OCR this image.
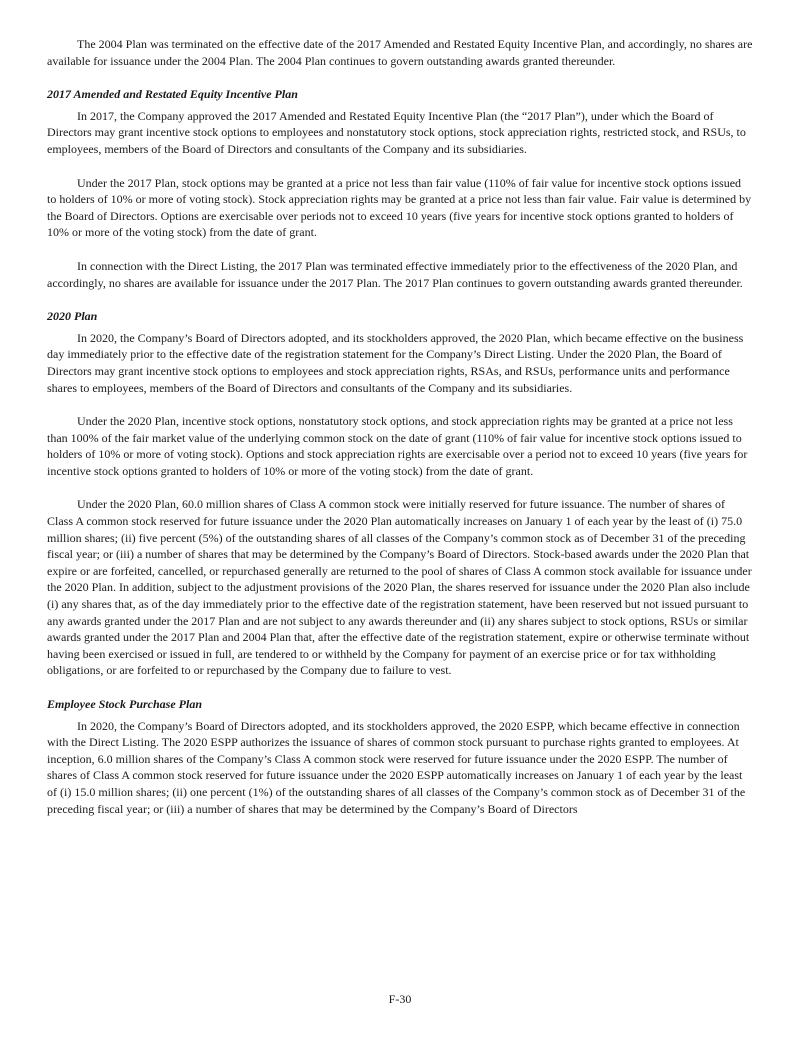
The 2004 Plan was terminated on the effective date of the 2017 Amended and Restated Equity Incentive Plan, and accordingly, no shares are available for issuance under the 2004 Plan. The 2004 Plan continues to govern outstanding awards granted thereunder.

2017 Amended and Restated Equity Incentive Plan

In 2017, the Company approved the 2017 Amended and Restated Equity Incentive Plan (the “2017 Plan”), under which the Board of Directors may grant incentive stock options to employees and nonstatutory stock options, stock appreciation rights, restricted stock, and RSUs, to employees, members of the Board of Directors and consultants of the Company and its subsidiaries.

Under the 2017 Plan, stock options may be granted at a price not less than fair value (110% of fair value for incentive stock options issued to holders of 10% or more of voting stock). Stock appreciation rights may be granted at a price not less than fair value. Fair value is determined by the Board of Directors. Options are exercisable over periods not to exceed 10 years (five years for incentive stock options granted to holders of 10% or more of the voting stock) from the date of grant.

In connection with the Direct Listing, the 2017 Plan was terminated effective immediately prior to the effectiveness of the 2020 Plan, and accordingly, no shares are available for issuance under the 2017 Plan. The 2017 Plan continues to govern outstanding awards granted thereunder.

2020 Plan

In 2020, the Company’s Board of Directors adopted, and its stockholders approved, the 2020 Plan, which became effective on the business day immediately prior to the effective date of the registration statement for the Company’s Direct Listing. Under the 2020 Plan, the Board of Directors may grant incentive stock options to employees and stock appreciation rights, RSAs, and RSUs, performance units and performance shares to employees, members of the Board of Directors and consultants of the Company and its subsidiaries.

Under the 2020 Plan, incentive stock options, nonstatutory stock options, and stock appreciation rights may be granted at a price not less than 100% of the fair market value of the underlying common stock on the date of grant (110% of fair value for incentive stock options issued to holders of 10% or more of voting stock). Options and stock appreciation rights are exercisable over a period not to exceed 10 years (five years for incentive stock options granted to holders of 10% or more of the voting stock) from the date of grant.

Under the 2020 Plan, 60.0 million shares of Class A common stock were initially reserved for future issuance. The number of shares of Class A common stock reserved for future issuance under the 2020 Plan automatically increases on January 1 of each year by the least of (i) 75.0 million shares; (ii) five percent (5%) of the outstanding shares of all classes of the Company’s common stock as of December 31 of the preceding fiscal year; or (iii) a number of shares that may be determined by the Company’s Board of Directors. Stock-based awards under the 2020 Plan that expire or are forfeited, cancelled, or repurchased generally are returned to the pool of shares of Class A common stock available for issuance under the 2020 Plan. In addition, subject to the adjustment provisions of the 2020 Plan, the shares reserved for issuance under the 2020 Plan also include (i) any shares that, as of the day immediately prior to the effective date of the registration statement, have been reserved but not issued pursuant to any awards granted under the 2017 Plan and are not subject to any awards thereunder and (ii) any shares subject to stock options, RSUs or similar awards granted under the 2017 Plan and 2004 Plan that, after the effective date of the registration statement, expire or otherwise terminate without having been exercised or issued in full, are tendered to or withheld by the Company for payment of an exercise price or for tax withholding obligations, or are forfeited to or repurchased by the Company due to failure to vest.

Employee Stock Purchase Plan

In 2020, the Company’s Board of Directors adopted, and its stockholders approved, the 2020 ESPP, which became effective in connection with the Direct Listing. The 2020 ESPP authorizes the issuance of shares of common stock pursuant to purchase rights granted to employees. At inception, 6.0 million shares of the Company’s Class A common stock were reserved for future issuance under the 2020 ESPP. The number of shares of Class A common stock reserved for future issuance under the 2020 ESPP automatically increases on January 1 of each year by the least of (i) 15.0 million shares; (ii) one percent (1%) of the outstanding shares of all classes of the Company’s common stock as of December 31 of the preceding fiscal year; or (iii) a number of shares that may be determined by the Company’s Board of Directors

F-30
